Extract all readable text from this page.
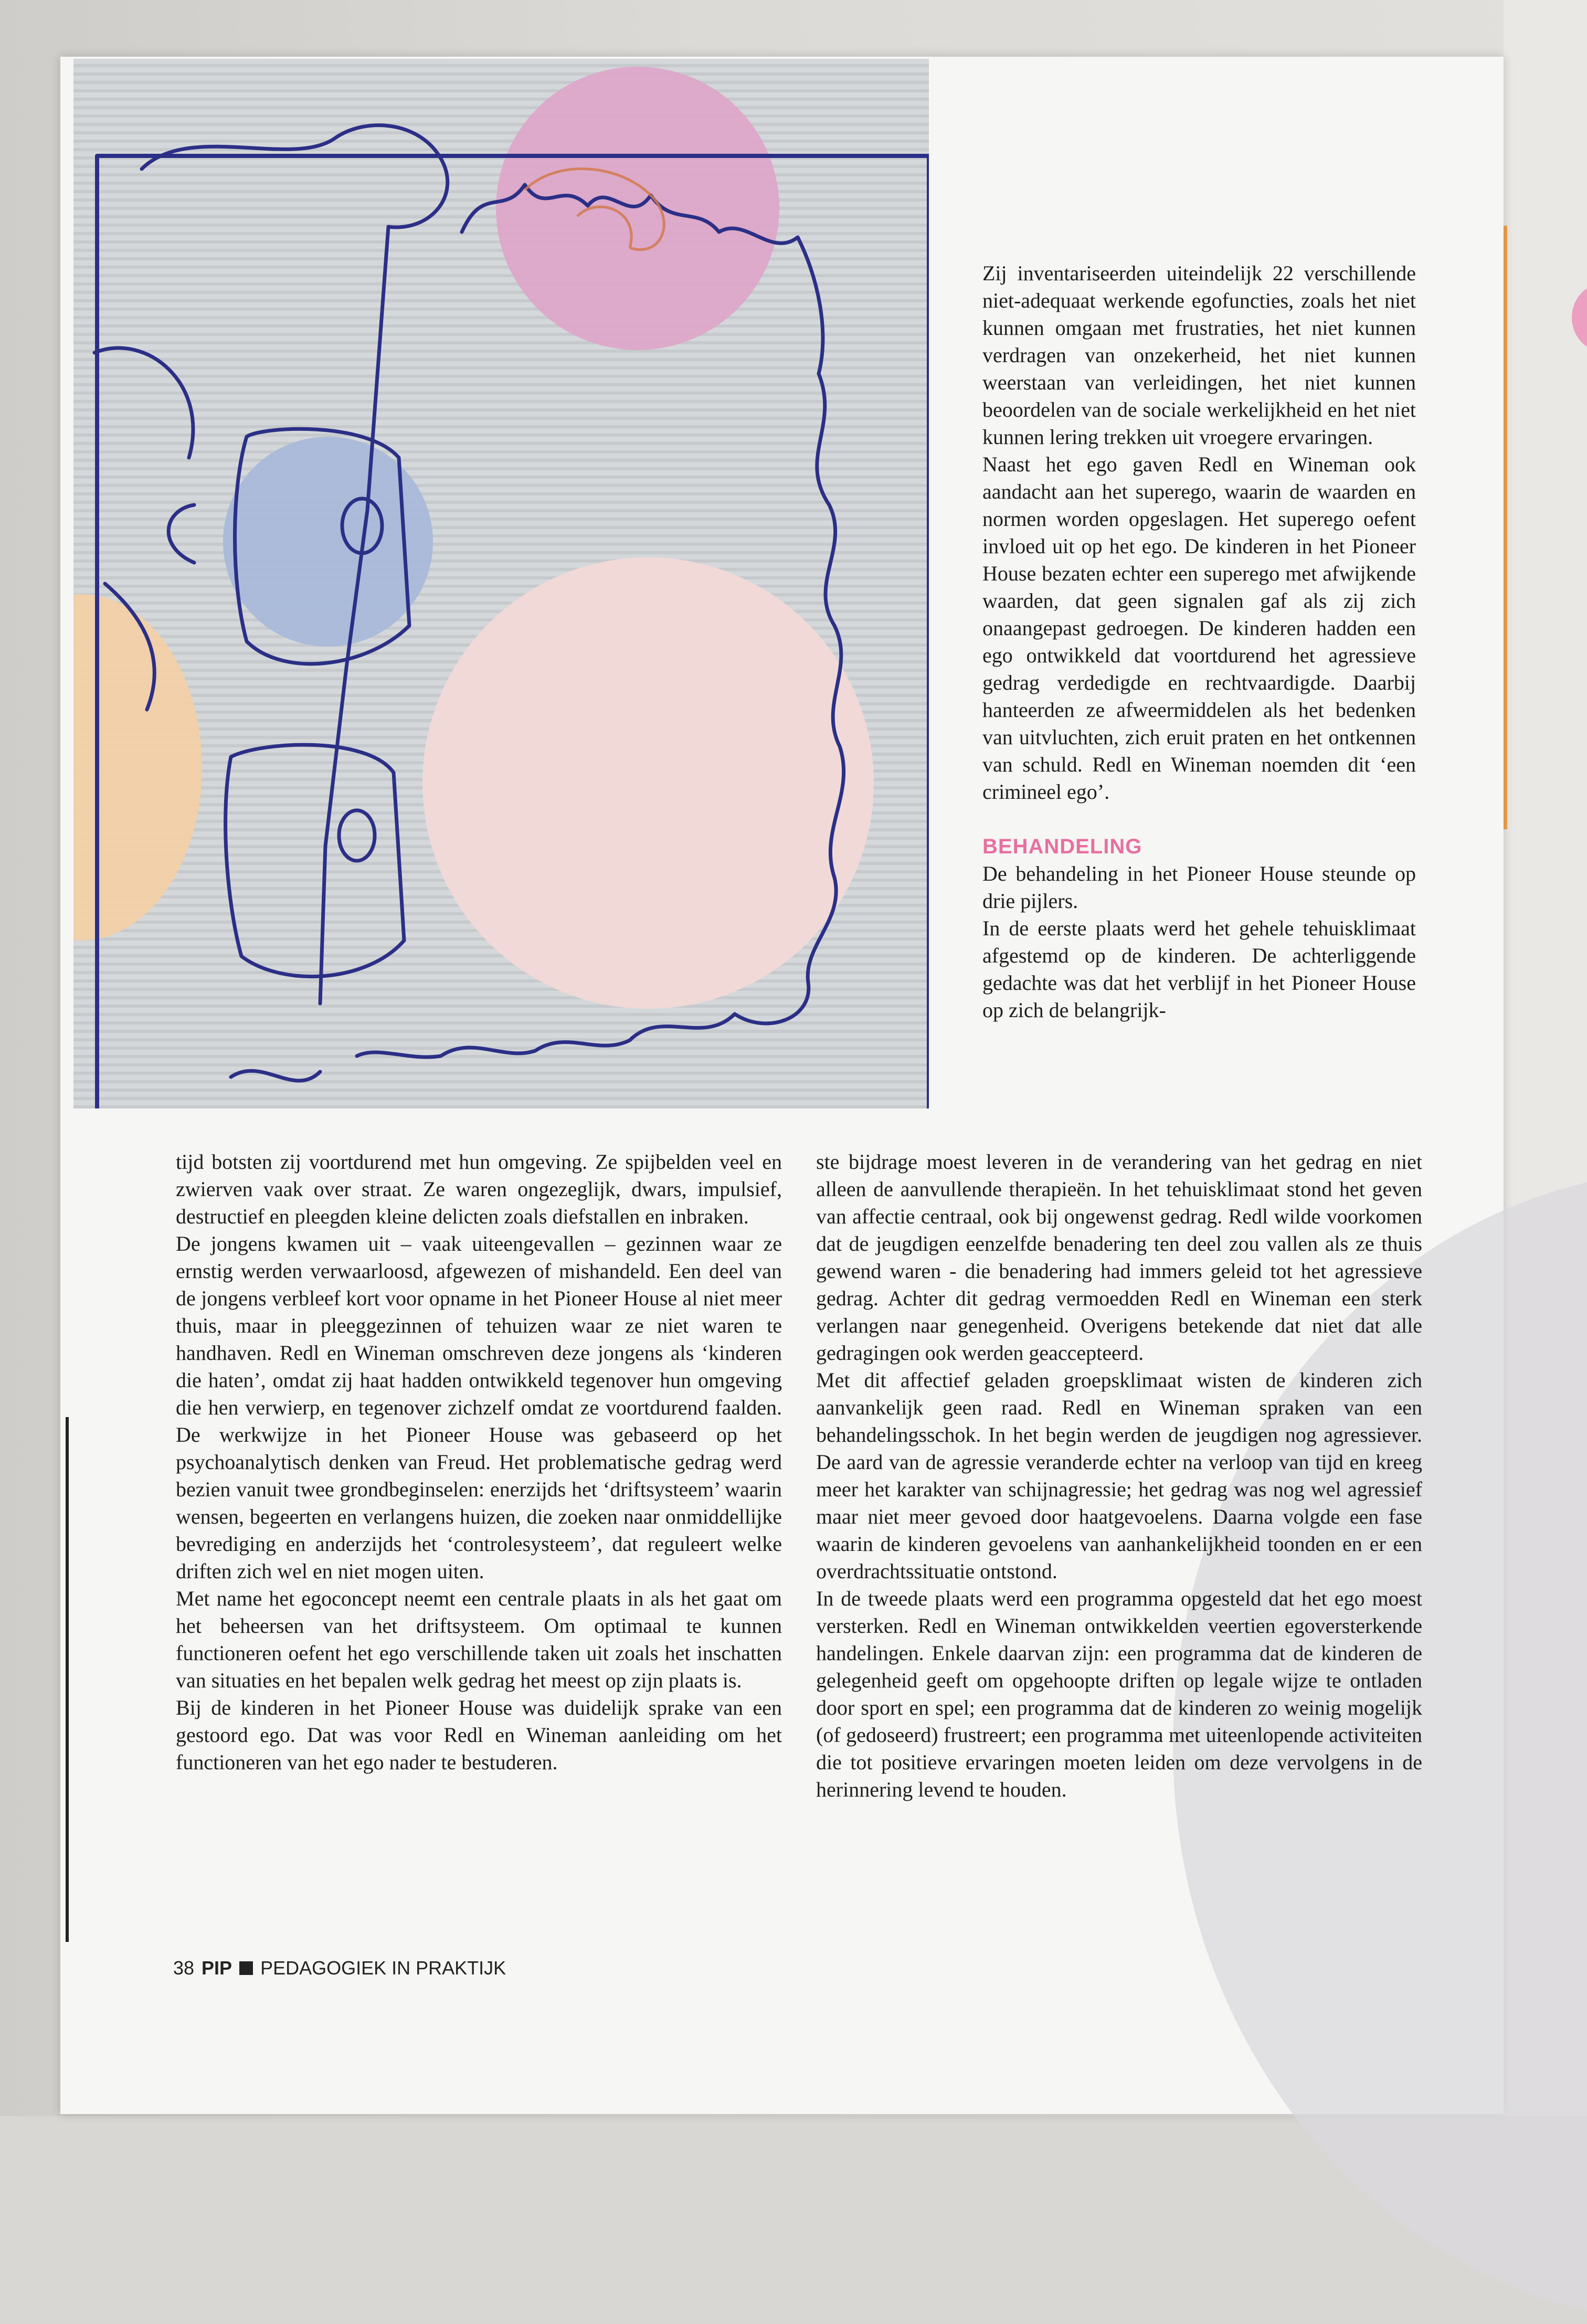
Zij inventariseerden uiteindelijk 22 verschillende niet-adequaat werkende egofuncties, zoals het niet kunnen omgaan met frustraties, het niet kunnen verdragen van onzekerheid, het niet kunnen weerstaan van verleidingen, het niet kunnen beoordelen van de sociale werkelijkheid en het niet kunnen lering trekken uit vroegere ervaringen.

Naast het ego gaven Redl en Wineman ook aandacht aan het superego, waarin de waarden en normen worden opgeslagen. Het superego oefent invloed uit op het ego. De kinderen in het Pioneer House bezaten echter een superego met afwijkende waarden, dat geen signalen gaf als zij zich onaangepast gedroegen. De kinderen hadden een ego ontwikkeld dat voortdurend het agressieve gedrag verdedigde en rechtvaardigde. Daarbij hanteerden ze afweermiddelen als het bedenken van uitvluchten, zich eruit praten en het ontkennen van schuld. Redl en Wineman noemden dit ‘een crimineel ego’.

BEHANDELING

De behandeling in het Pioneer House steunde op drie pijlers.

In de eerste plaats werd het gehele tehuisklimaat afgestemd op de kinderen. De achterliggende gedachte was dat het verblijf in het Pioneer House op zich de belangrijk-

tijd botsten zij voortdurend met hun omgeving. Ze spijbelden veel en zwierven vaak over straat. Ze waren ongezeglijk, dwars, impulsief, destructief en pleegden kleine delicten zoals diefstallen en inbraken.

De jongens kwamen uit – vaak uiteengevallen – gezinnen waar ze ernstig werden verwaarloosd, afgewezen of mishandeld. Een deel van de jongens verbleef kort voor opname in het Pioneer House al niet meer thuis, maar in pleeggezinnen of tehuizen waar ze niet waren te handhaven. Redl en Wineman omschreven deze jongens als ‘kinderen die haten’, omdat zij haat hadden ontwikkeld tegenover hun omgeving die hen verwierp, en tegenover zichzelf omdat ze voortdurend faalden. De werkwijze in het Pioneer House was gebaseerd op het psychoanalytisch denken van Freud. Het problematische gedrag werd bezien vanuit twee grondbeginselen: enerzijds het ‘driftsysteem’ waarin wensen, begeerten en verlangens huizen, die zoeken naar onmiddellijke bevrediging en anderzijds het ‘controlesysteem’, dat reguleert welke driften zich wel en niet mogen uiten.

Met name het egoconcept neemt een centrale plaats in als het gaat om het beheersen van het driftsysteem. Om optimaal te kunnen functioneren oefent het ego verschillende taken uit zoals het inschatten van situaties en het bepalen welk gedrag het meest op zijn plaats is.

Bij de kinderen in het Pioneer House was duidelijk sprake van een gestoord ego. Dat was voor Redl en Wineman aanleiding om het functioneren van het ego nader te bestuderen.

ste bijdrage moest leveren in de verandering van het gedrag en niet alleen de aanvullende therapieën. In het tehuisklimaat stond het geven van affectie centraal, ook bij ongewenst gedrag. Redl wilde voorkomen dat de jeugdigen eenzelfde benadering ten deel zou vallen als ze thuis gewend waren - die benadering had immers geleid tot het agressieve gedrag. Achter dit gedrag vermoedden Redl en Wineman een sterk verlangen naar genegenheid. Overigens betekende dat niet dat alle gedragingen ook werden geaccepteerd.

Met dit affectief geladen groepsklimaat wisten de kinderen zich aanvankelijk geen raad. Redl en Wineman spraken van een behandelingsschok. In het begin werden de jeugdigen nog agressiever. De aard van de agressie veranderde echter na verloop van tijd en kreeg meer het karakter van schijnagressie; het gedrag was nog wel agressief maar niet meer gevoed door haatgevoelens. Daarna volgde een fase waarin de kinderen gevoelens van aanhankelijkheid toonden en er een overdrachtssituatie ontstond.

In de tweede plaats werd een programma opgesteld dat het ego moest versterken. Redl en Wineman ontwikkelden veertien egoversterkende handelingen. Enkele daarvan zijn: een programma dat de kinderen de gelegenheid geeft om opgehoopte driften op legale wijze te ontladen door sport en spel; een programma dat de kinderen zo weinig mogelijk (of gedoseerd) frustreert; een programma met uiteenlopende activiteiten die tot positieve ervaringen moeten leiden om deze vervolgens in de herinnering levend te houden.

38 PIP PEDAGOGIEK IN PRAKTIJK
